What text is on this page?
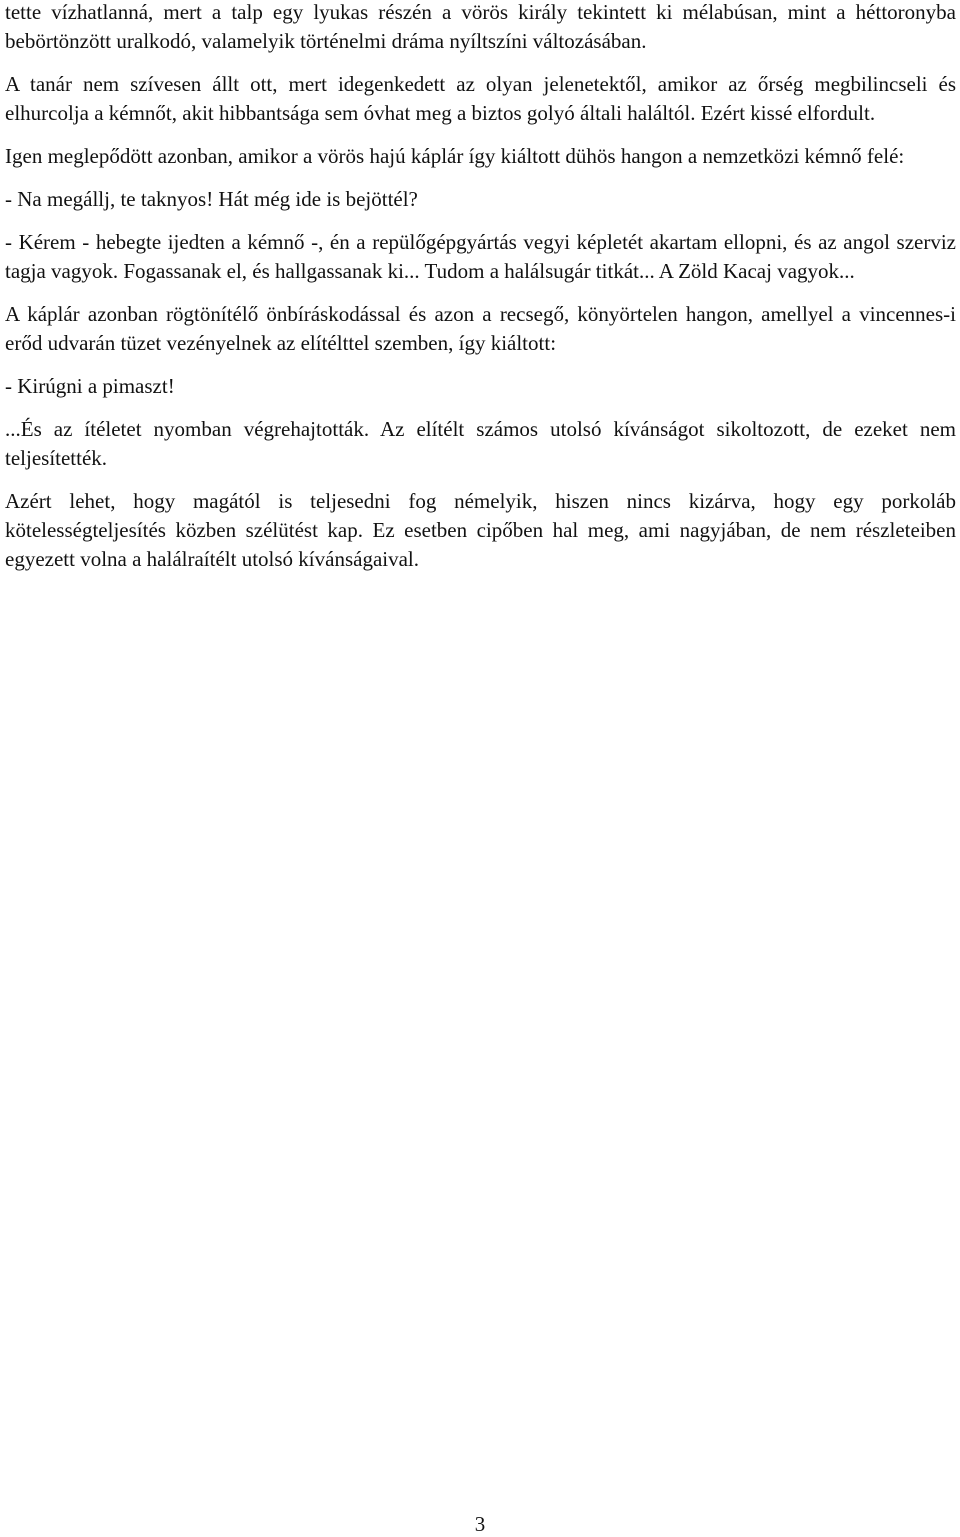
tette vízhatlanná, mert a talp egy lyukas részén a vörös király tekintett ki mélabúsan, mint a héttoronyba bebörtönzött uralkodó, valamelyik történelmi dráma nyíltszíni változásában.

A tanár nem szívesen állt ott, mert idegenkedett az olyan jelenetektől, amikor az őrség megbilincseli és elhurcolja a kémnőt, akit hibbantsága sem óvhat meg a biztos golyó általi haláltól. Ezért kissé elfordult.

Igen meglepődött azonban, amikor a vörös hajú káplár így kiáltott dühös hangon a nemzetközi kémnő felé:

- Na megállj, te taknyos! Hát még ide is bejöttél?

- Kérem - hebegte ijedten a kémnő -, én a repülőgépgyártás vegyi képletét akartam ellopni, és az angol szerviz tagja vagyok. Fogassanak el, és hallgassanak ki... Tudom a halálsugár titkát... A Zöld Kacaj vagyok...

A káplár azonban rögtönítélő önbíráskodással és azon a recsegő, könyörtelen hangon, amellyel a vincennes-i erőd udvarán tüzet vezényelnek az elítélttel szemben, így kiáltott:

- Kirúgni a pimaszt!

...És az ítéletet nyomban végrehajtották. Az elítélt számos utolsó kívánságot sikoltozott, de ezeket nem teljesítették.

Azért lehet, hogy magától is teljesedni fog némelyik, hiszen nincs kizárva, hogy egy porkoláb kötelességteljesítés közben szélütést kap. Ez esetben cipőben hal meg, ami nagyjában, de nem részleteiben egyezett volna a halálraítélt utolsó kívánságaival.

3
